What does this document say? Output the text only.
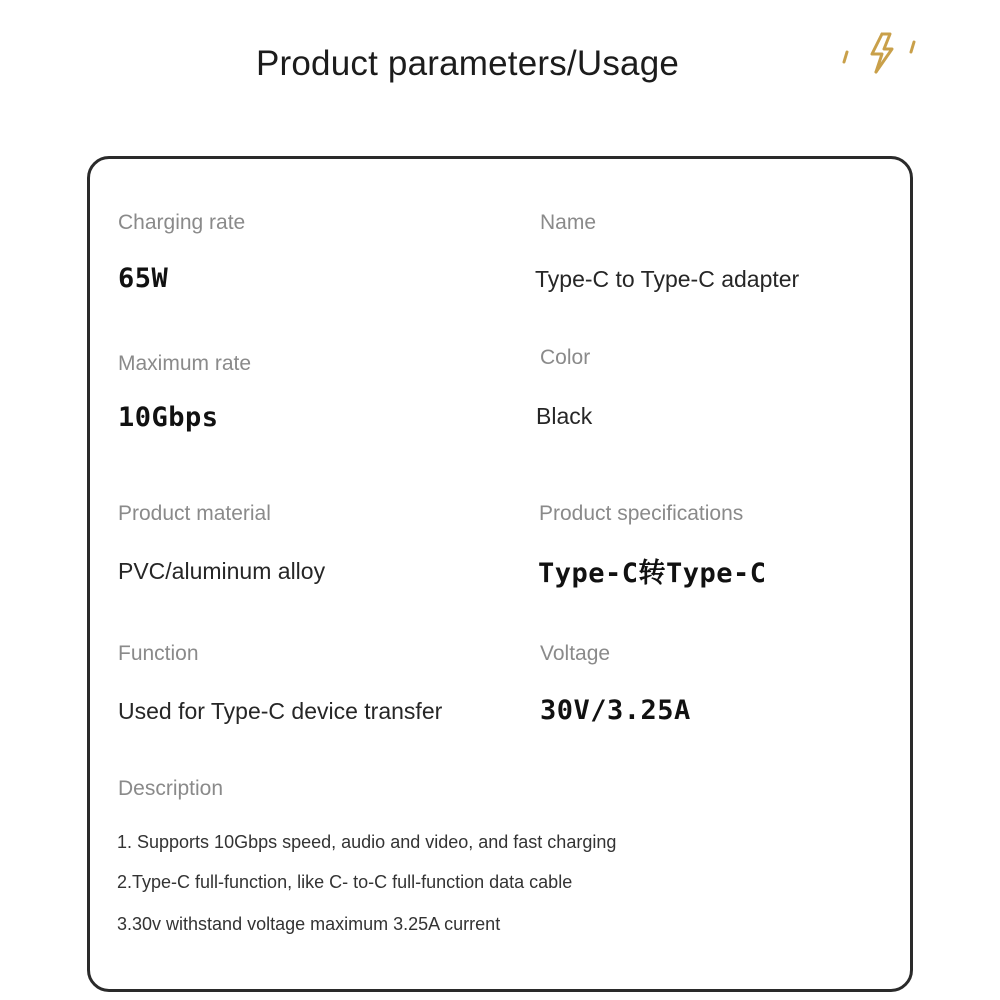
Product parameters/Usage
Charging rate
65W
Name
Type-C to Type-C adapter
Maximum rate
10Gbps
Color
Black
Product material
PVC/aluminum alloy
Product specifications
Type-C转Type-C
Function
Used for Type-C device transfer
Voltage
30V/3.25A
Description
1. Supports 10Gbps speed, audio and video, and fast charging
2.Type-C full-function, like C- to-C full-function data cable
3.30v withstand voltage maximum 3.25A current
